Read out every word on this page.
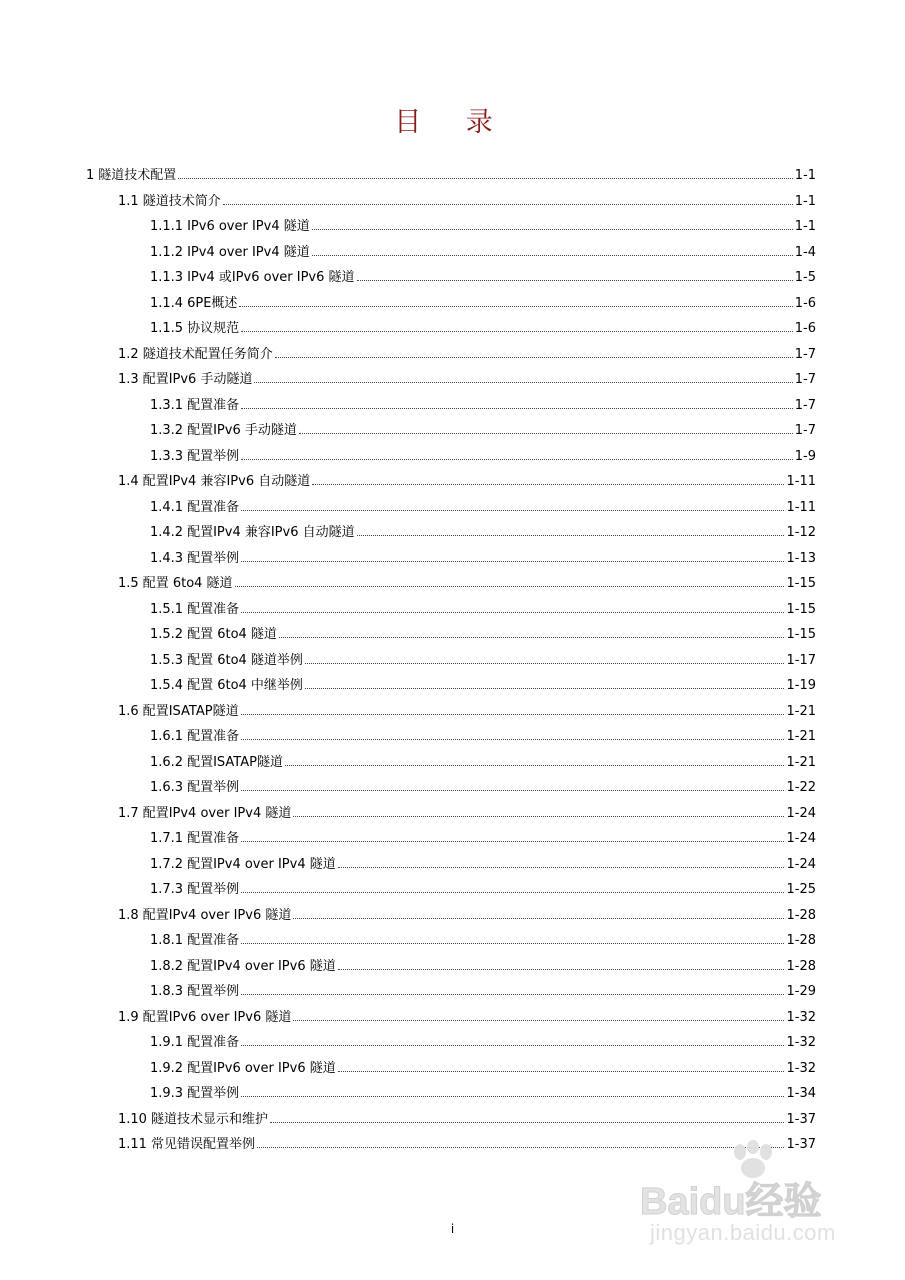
目 录
1 隧道技术配置	1-1
1.1 隧道技术简介	1-1
1.1.1 IPv6 over IPv4 隧道	1-1
1.1.2 IPv4 over IPv4 隧道	1-4
1.1.3 IPv4 或IPv6 over IPv6 隧道	1-5
1.1.4 6PE概述	1-6
1.1.5 协议规范	1-6
1.2 隧道技术配置任务简介	1-7
1.3 配置IPv6 手动隧道	1-7
1.3.1 配置准备	1-7
1.3.2 配置IPv6 手动隧道	1-7
1.3.3 配置举例	1-9
1.4 配置IPv4 兼容IPv6 自动隧道	1-11
1.4.1 配置准备	1-11
1.4.2 配置IPv4 兼容IPv6 自动隧道	1-12
1.4.3 配置举例	1-13
1.5 配置 6to4 隧道	1-15
1.5.1 配置准备	1-15
1.5.2 配置 6to4 隧道	1-15
1.5.3 配置 6to4 隧道举例	1-17
1.5.4 配置 6to4 中继举例	1-19
1.6 配置ISATAP隧道	1-21
1.6.1 配置准备	1-21
1.6.2 配置ISATAP隧道	1-21
1.6.3 配置举例	1-22
1.7 配置IPv4 over IPv4 隧道	1-24
1.7.1 配置准备	1-24
1.7.2 配置IPv4 over IPv4 隧道	1-24
1.7.3 配置举例	1-25
1.8 配置IPv4 over IPv6 隧道	1-28
1.8.1 配置准备	1-28
1.8.2 配置IPv4 over IPv6 隧道	1-28
1.8.3 配置举例	1-29
1.9 配置IPv6 over IPv6 隧道	1-32
1.9.1 配置准备	1-32
1.9.2 配置IPv6 over IPv6 隧道	1-32
1.9.3 配置举例	1-34
1.10 隧道技术显示和维护	1-37
1.11 常见错误配置举例	1-37
i
Baidu经验
jingyan.baidu.com
